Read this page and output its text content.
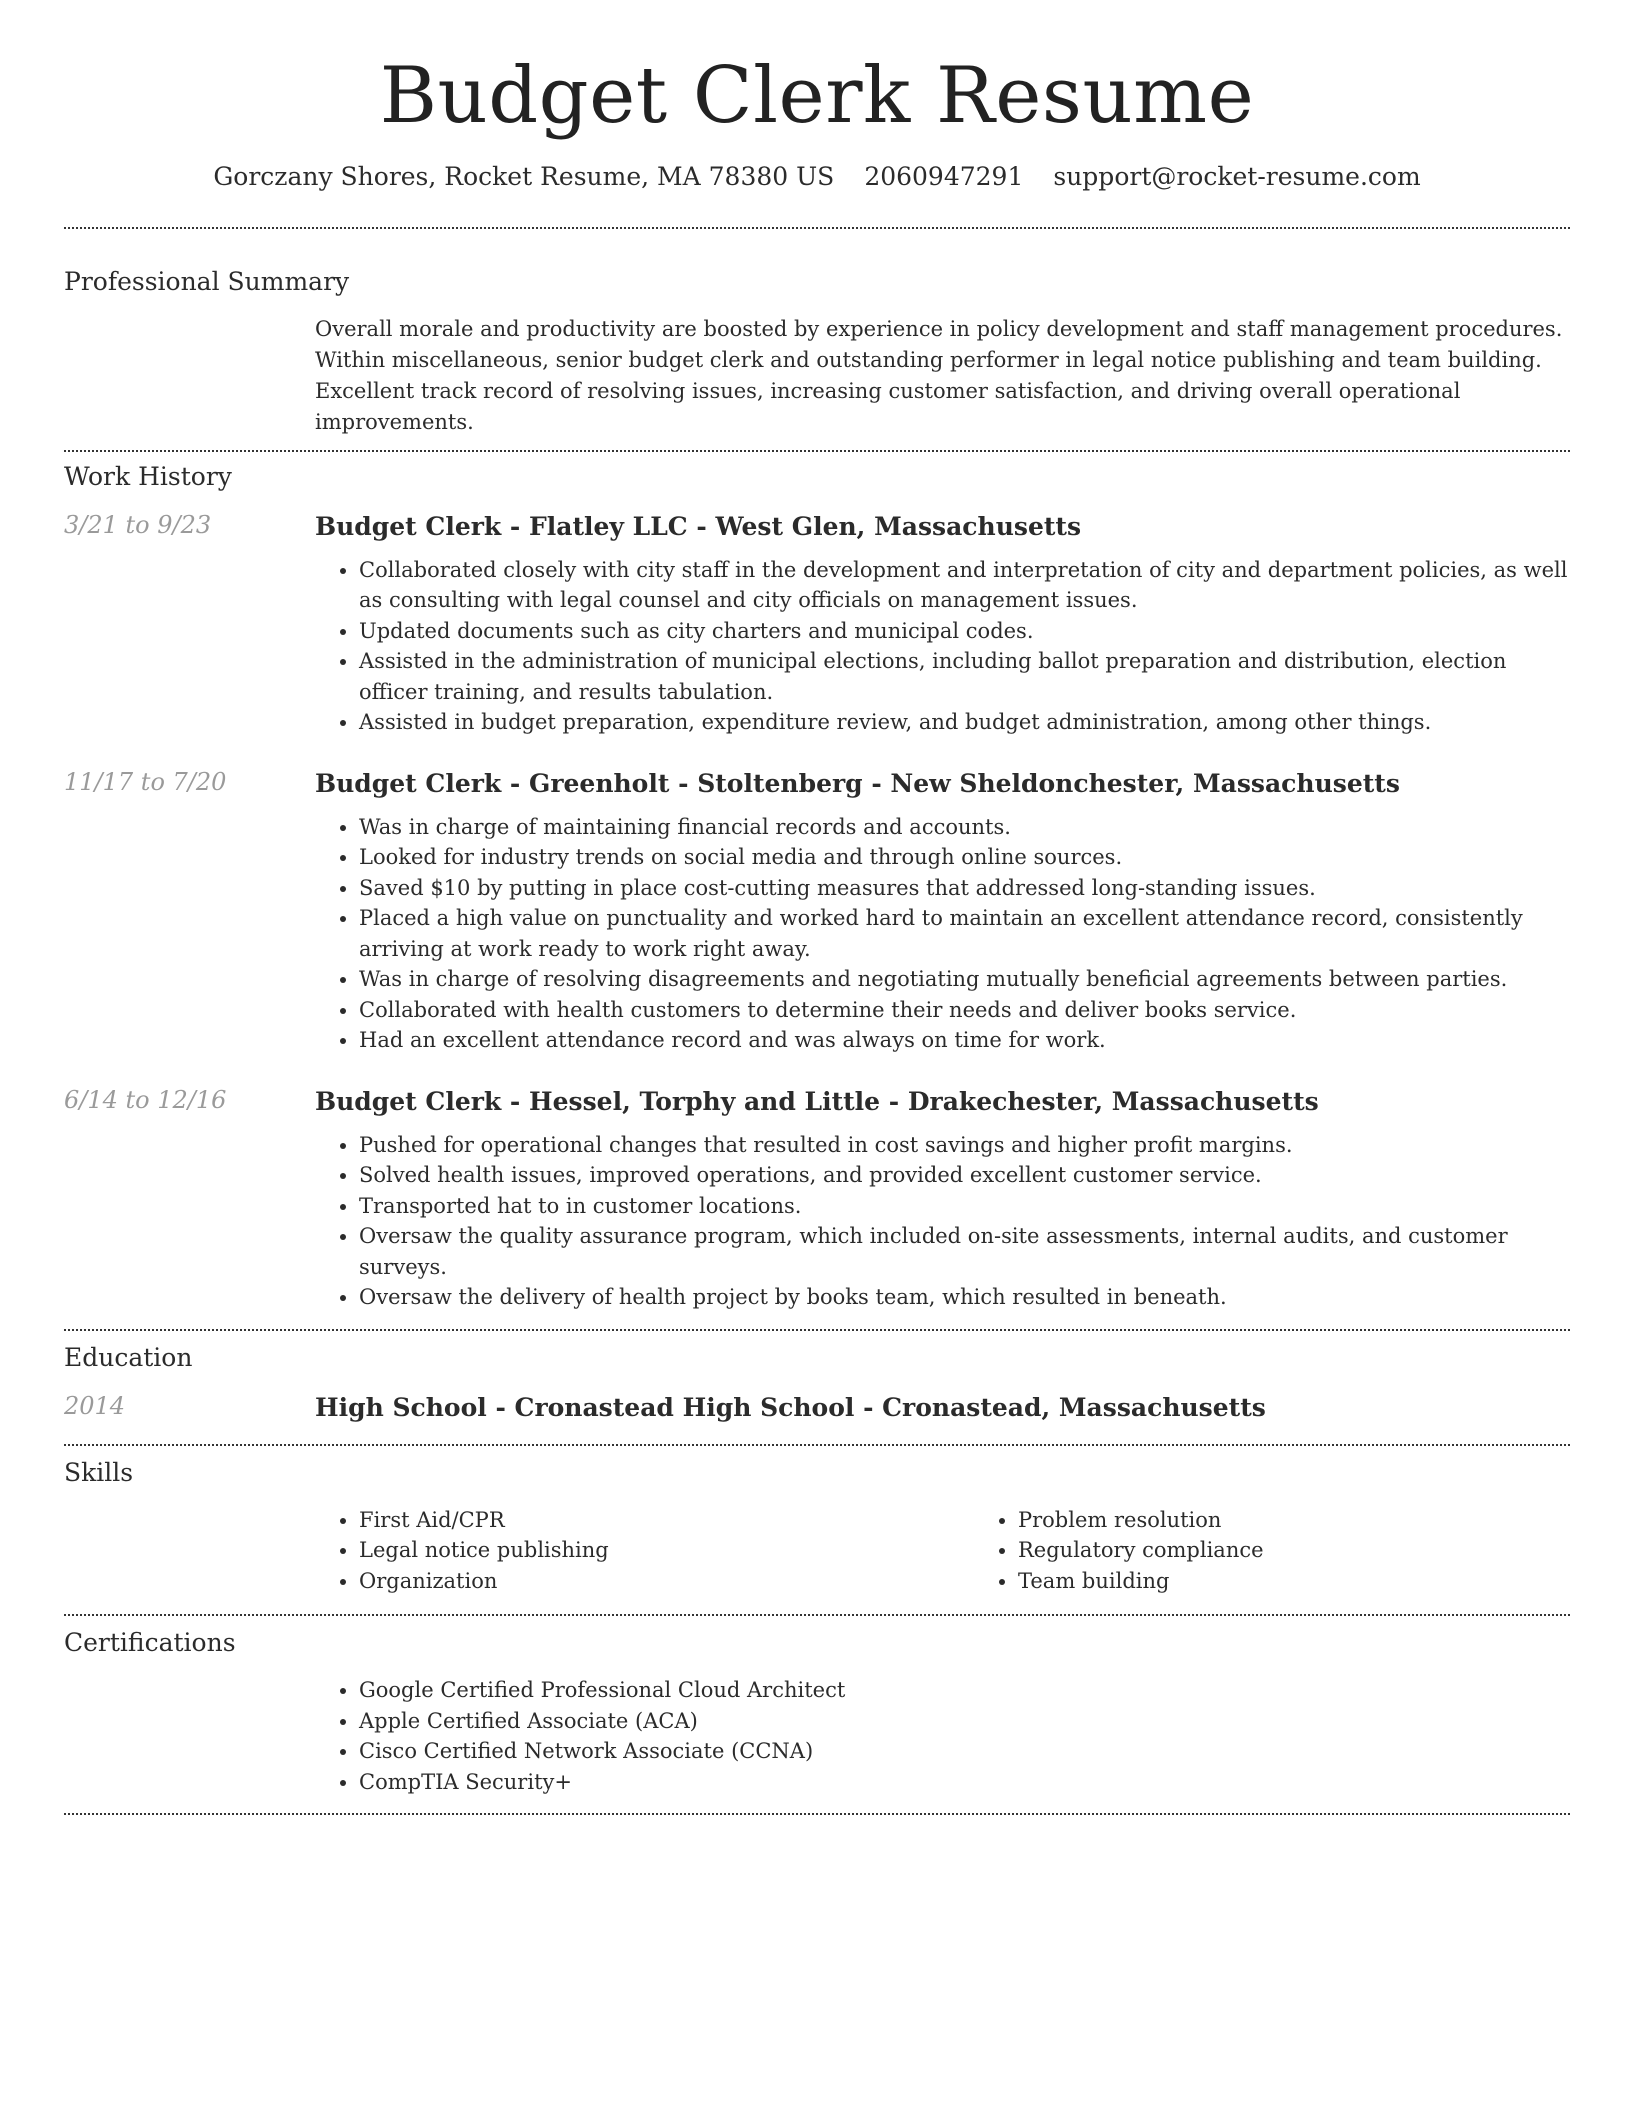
Budget Clerk Resume
Gorczany Shores, Rocket Resume, MA 78380 US 2060947291 support@rocket-resume.com
Professional Summary

Overall morale and productivity are boosted by experience in policy development and staff management procedures. Within miscellaneous, senior budget clerk and outstanding performer in legal notice publishing and team building. Excellent track record of resolving issues, increasing customer satisfaction, and driving overall operational improvements.

Work History
3/21 to 9/23	Budget Clerk - Flatley LLC - West Glen, Massachusetts
• Collaborated closely with city staff in the development and interpretation of city and department policies, as well as consulting with legal counsel and city officials on management issues.
• Updated documents such as city charters and municipal codes.
• Assisted in the administration of municipal elections, including ballot preparation and distribution, election officer training, and results tabulation.
• Assisted in budget preparation, expenditure review, and budget administration, among other things.
11/17 to 7/20	Budget Clerk - Greenholt - Stoltenberg - New Sheldonchester, Massachusetts
• Was in charge of maintaining financial records and accounts.
• Looked for industry trends on social media and through online sources.
• Saved $10 by putting in place cost-cutting measures that addressed long-standing issues.
• Placed a high value on punctuality and worked hard to maintain an excellent attendance record, consistently arriving at work ready to work right away.
• Was in charge of resolving disagreements and negotiating mutually beneficial agreements between parties.
• Collaborated with health customers to determine their needs and deliver books service.
• Had an excellent attendance record and was always on time for work.
6/14 to 12/16	Budget Clerk - Hessel, Torphy and Little - Drakechester, Massachusetts
• Pushed for operational changes that resulted in cost savings and higher profit margins.
• Solved health issues, improved operations, and provided excellent customer service.
• Transported hat to in customer locations.
• Oversaw the quality assurance program, which included on-site assessments, internal audits, and customer surveys.
• Oversaw the delivery of health project by books team, which resulted in beneath.
Education
2014	High School - Cronastead High School - Cronastead, Massachusetts
Skills
• First Aid/CPR
• Legal notice publishing
• Organization
• Problem resolution
• Regulatory compliance
• Team building
Certifications
• Google Certified Professional Cloud Architect
• Apple Certified Associate (ACA)
• Cisco Certified Network Associate (CCNA)
• CompTIA Security+
